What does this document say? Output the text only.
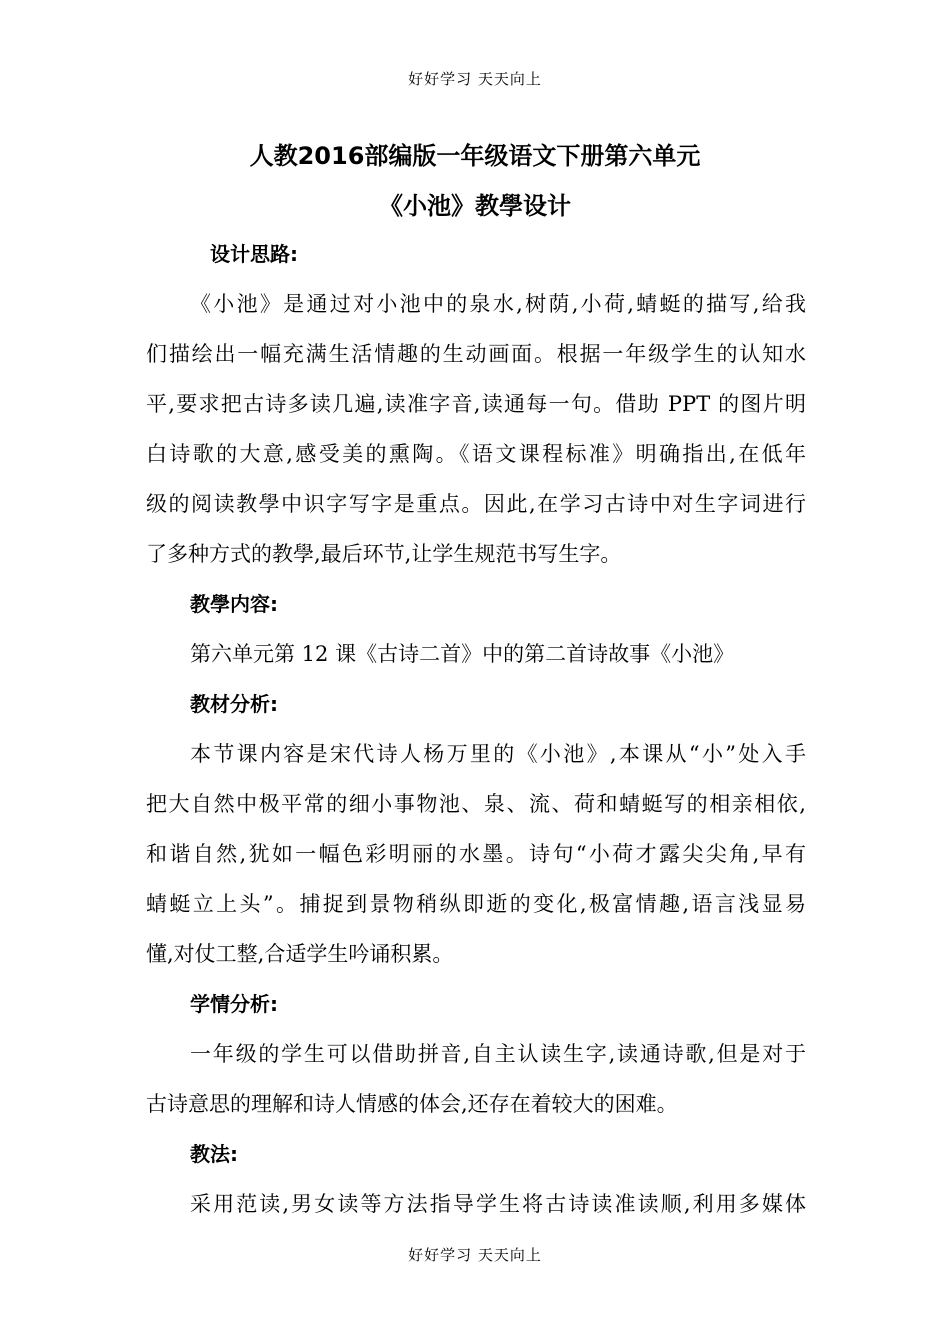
好好学习 天天向上
人教2016部编版一年级语文下册第六单元
《小池》教學设计
设计思路:
《小池》是通过对小池中的泉水,树荫,小荷,蜻蜓的描写,给我
们描绘出一幅充满生活情趣的生动画面。根据一年级学生的认知水
平,要求把古诗多读几遍,读准字音,读通每一句。借助 PPT 的图片明
白诗歌的大意,感受美的熏陶。《语文课程标准》明确指出,在低年
级的阅读教學中识字写字是重点。因此,在学习古诗中对生字词进行
了多种方式的教學,最后环节,让学生规范书写生字。
教學内容:
第六单元第 12 课《古诗二首》中的第二首诗故事《小池》
教材分析:
本节课内容是宋代诗人杨万里的《小池》,本课从“小”处入手
把大自然中极平常的细小事物池、泉、流、荷和蜻蜓写的相亲相依,
和谐自然,犹如一幅色彩明丽的水墨。诗句“小荷才露尖尖角,早有
蜻蜓立上头”。捕捉到景物稍纵即逝的变化,极富情趣,语言浅显易
懂,对仗工整,合适学生吟诵积累。
学情分析:
一年级的学生可以借助拼音,自主认读生字,读通诗歌,但是对于
古诗意思的理解和诗人情感的体会,还存在着较大的困难。
教法:
采用范读,男女读等方法指导学生将古诗读准读顺,利用多媒体
好好学习 天天向上
